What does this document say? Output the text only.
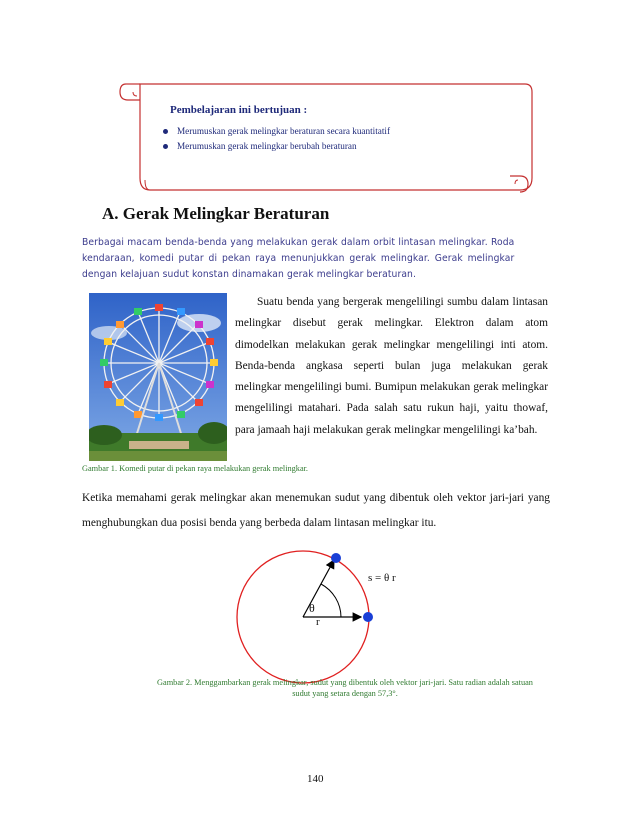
Pembelajaran ini bertujuan :
Merumuskan gerak melingkar beraturan secara kuantitatif
Merumuskan gerak melingkar berubah beraturan
A. Gerak Melingkar Beraturan
Berbagai macam benda-benda yang melakukan gerak dalam orbit lintasan melingkar. Roda kendaraan, komedi putar di pekan raya menunjukkan gerak melingkar. Gerak melingkar dengan kelajuan sudut konstan dinamakan gerak melingkar beraturan.
Suatu benda yang bergerak mengelilingi sumbu dalam lintasan melingkar disebut gerak melingkar. Elektron dalam atom dimodelkan melakukan gerak melingkar mengelilingi inti atom. Benda-benda angkasa seperti bulan juga melakukan gerak melingkar mengelilingi bumi. Bumipun melakukan gerak melingkar mengelilingi matahari. Pada salah satu rukun haji, yaitu thowaf, para jamaah haji melakukan gerak melingkar mengelilingi ka’bah.
Gambar 1. Komedi putar di pekan raya melakukan gerak melingkar.
Ketika memahami gerak melingkar akan menemukan sudut yang dibentuk oleh vektor jari-jari yang menghubungkan dua posisi benda yang berbeda dalam lintasan melingkar itu.
s = θ r
θ
r
Gambar 2. Menggambarkan gerak melingkar, sudut yang dibentuk oleh vektor jari-jari. Satu radian adalah satuan sudut yang setara dengan 57,3°.
140
